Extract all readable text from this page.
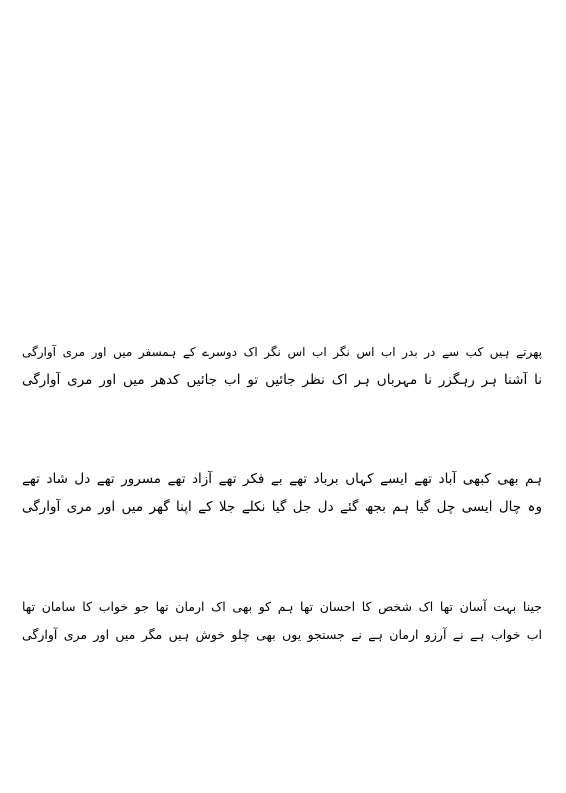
پھرتے ہیں کب سے در بدر اب اس نگر اب اس نگر اک دوسرے کے ہمسفر میں اور مری آوارگی
نا آشنا ہر رہگزر نا مہرباں ہر اک نظر جائیں تو اب جائیں کدھر میں اور مری آوارگی
ہم بھی کبھی آباد تھے ایسے کہاں برباد تھے بے فکر تھے آزاد تھے مسرور تھے دل شاد تھے
وہ چال ایسی چل گیا ہم بجھ گئے دل جل گیا نکلے جلا کے اپنا گھر میں اور مری آوارگی
جینا بہت آسان تھا اک شخص کا احسان تھا ہم کو بھی اک ارمان تھا جو خواب کا سامان تھا
اب خواب ہے نے آرزو ارمان ہے نے جستجو یوں بھی چلو خوش ہیں مگر میں اور مری آوارگی
